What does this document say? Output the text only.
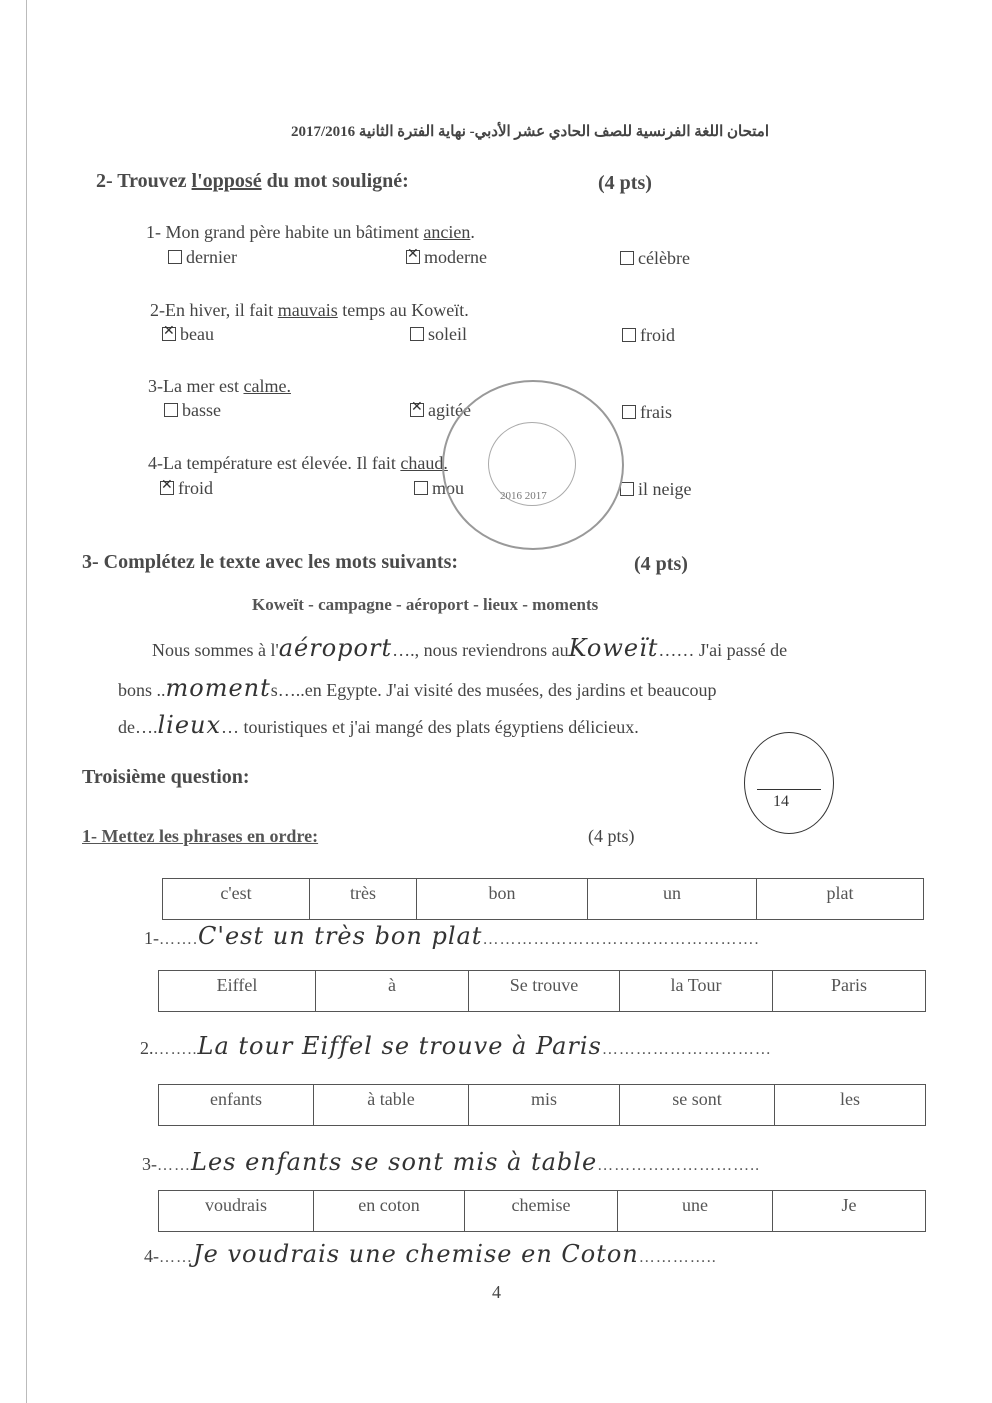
امتحان اللغة الفرنسية للصف الحادي عشر الأدبي- نهاية الفترة الثانية 2017/2016
2- Trouvez l'opposé du mot souligné:	(4 pts)
1- Mon grand père habite un bâtiment ancien.
dernier ✕	moderne	célèbre
2-En hiver, il fait mauvais temps au Koweït.
✕beau	soleil	froid
3-La mer est calme.
basse ✕	agitée	frais
4-La température est élevée. Il fait chaud.
✕froid	mou	il neige
2016 2017
3- Complétez le texte avec les mots suivants:	(4 pts)
Koweït - campagne - aéroport - lieux - moments
Nous sommes à l'aéroport…., nous reviendrons auKoweït…… J'ai passé de
bons ..moments…..en Egypte. J'ai visité des musées, des jardins et beaucoup
de….lieux… touristiques et j'ai mangé des plats égyptiens délicieux.
Troisième question:
14
1- Mettez les phrases en ordre:	(4 pts)
c'est	très	bon	un	plat
1-…….C'est un très bon plat………………………………………….
Eiffel	à	Se trouve	la Tour	Paris
2.……..La tour Eiffel se trouve à Paris…………………………
enfants	à table	mis	se sont	les
3-……Les enfants se sont mis à table………………………..
voudrais	en coton	chemise	une	Je
4-……Je voudrais une chemise en Coton…………..
4
